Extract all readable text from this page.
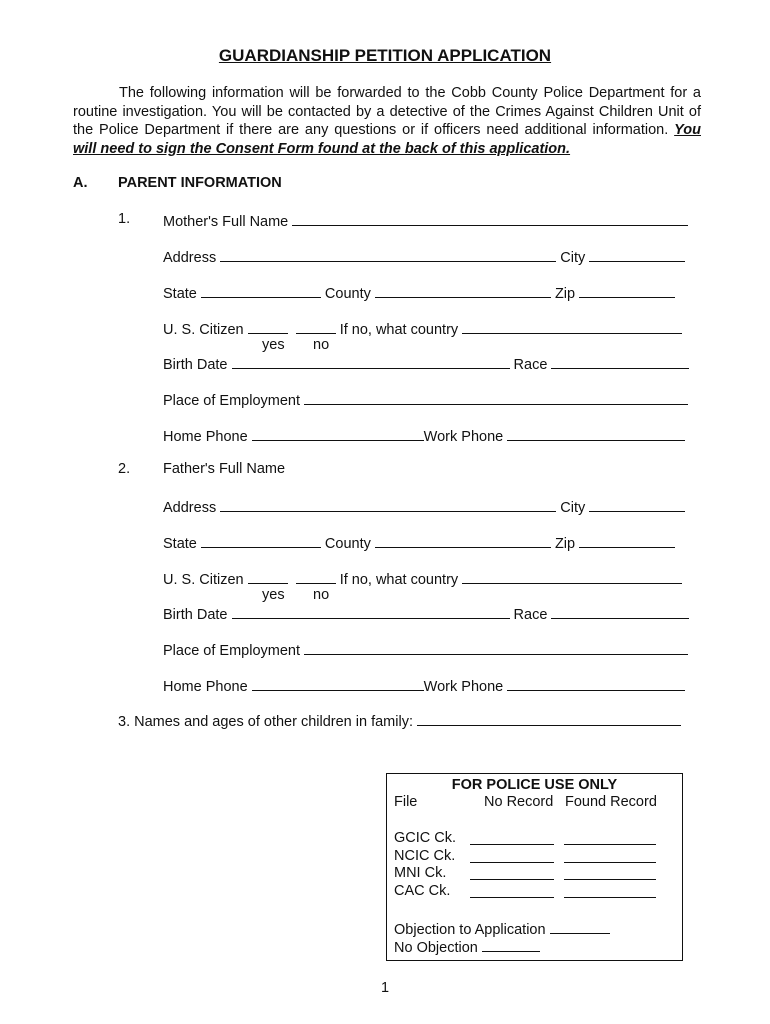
GUARDIANSHIP PETITION APPLICATION
The following information will be forwarded to the Cobb County Police Department for a routine investigation. You will be contacted by a detective of the Crimes Against Children Unit of the Police Department if there are any questions or if officers need additional information. You will need to sign the Consent Form found at the back of this application.
A. PARENT INFORMATION
1. Mother's Full Name
Address	City
State	County	Zip
U. S. Citizen	If no, what country
yes no
Birth Date	Race
Place of Employment
Home Phone	Work Phone
2. Father's Full Name
Address	City
State	County	Zip
U. S. Citizen	If no, what country
yes no
Birth Date	Race
Place of Employment
Home Phone	Work Phone
3. Names and ages of other children in family:
FOR POLICE USE ONLY
File	No Record Found Record
GCIC Ck.
NCIC Ck.
MNI Ck.
CAC Ck.
Objection to Application
No Objection
1
